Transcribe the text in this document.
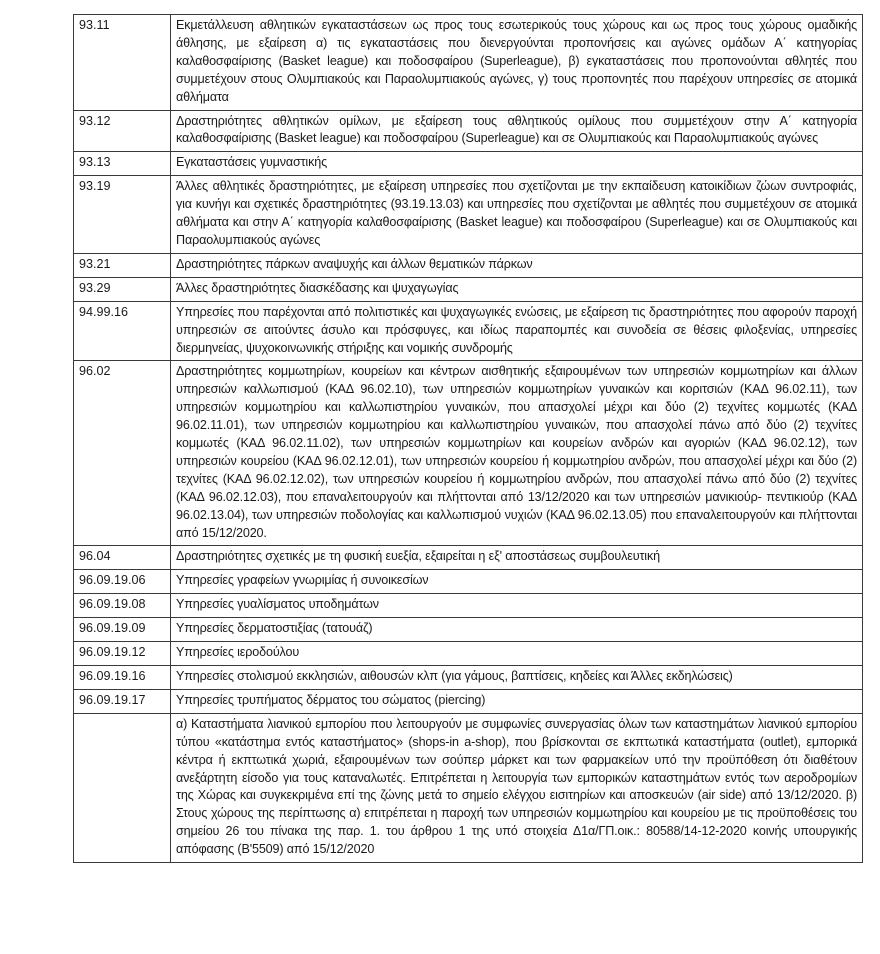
93.11	Εκμετάλλευση αθλητικών εγκαταστάσεων ως προς τους εσωτερικούς τους χώρους και ως προς τους χώρους ομαδικής άθλησης, με εξαίρεση α) τις εγκαταστάσεις που διενεργούνται προπονήσεις και αγώνες ομάδων Α΄ κατηγορίας καλαθοσφαίρισης (Basket league) και ποδοσφαίρου (Superleague), β) εγκαταστάσεις που προπονούνται αθλητές που συμμετέχουν στους Ολυμπιακούς και Παραολυμπιακούς αγώνες, γ) τους προπονητές που παρέχουν υπηρεσίες σε ατομικά αθλήματα
93.12	Δραστηριότητες αθλητικών ομίλων, με εξαίρεση τους αθλητικούς ομίλους που συμμετέχουν στην Α΄ κατηγορία καλαθοσφαίρισης (Basket league) και ποδοσφαίρου (Superleague) και σε Ολυμπιακούς και Παραολυμπιακούς αγώνες
93.13	Εγκαταστάσεις γυμναστικής
93.19	Άλλες αθλητικές δραστηριότητες, με εξαίρεση υπηρεσίες που σχετίζονται με την εκπαίδευση κατοικίδιων ζώων συντροφιάς, για κυνήγι και σχετικές δραστηριότητες (93.19.13.03) και υπηρεσίες που σχετίζονται με αθλητές που συμμετέχουν σε ατομικά αθλήματα και στην Α΄ κατηγορία καλαθοσφαίρισης (Basket league) και ποδοσφαίρου (Superleague) και σε Ολυμπιακούς και Παραολυμπιακούς αγώνες
93.21	Δραστηριότητες πάρκων αναψυχής και άλλων θεματικών πάρκων
93.29	Άλλες δραστηριότητες διασκέδασης και ψυχαγωγίας
94.99.16	Υπηρεσίες που παρέχονται από πολιτιστικές και ψυχαγωγικές ενώσεις, με εξαίρεση τις δραστηριότητες που αφορούν παροχή υπηρεσιών σε αιτούντες άσυλο και πρόσφυγες, και ιδίως παραπομπές και συνοδεία σε θέσεις φιλοξενίας, υπηρεσίες διερμηνείας, ψυχοκοινωνικής στήριξης και νομικής συνδρομής
96.02	Δραστηριότητες κομμωτηρίων, κουρείων και κέντρων αισθητικής εξαιρουμένων των υπηρεσιών κομμωτηρίων και άλλων υπηρεσιών καλλωπισμού (ΚΑΔ 96.02.10), των υπηρεσιών κομμωτηρίων γυναικών και κοριτσιών (ΚΑΔ 96.02.11), των υπηρεσιών κομμωτηρίου και καλλωπιστηρίου γυναικών, που απασχολεί μέχρι και δύο (2) τεχνίτες κομμωτές (ΚΑΔ 96.02.11.01), των υπηρεσιών κομμωτηρίου και καλλωπιστηρίου γυναικών, που απασχολεί πάνω από δύο (2) τεχνίτες κομμωτές (ΚΑΔ 96.02.11.02), των υπηρεσιών κομμωτηρίων και κουρείων ανδρών και αγοριών (ΚΑΔ 96.02.12), των υπηρεσιών κουρείου (ΚΑΔ 96.02.12.01), των υπηρεσιών κουρείου ή κομμωτηρίου ανδρών, που απασχολεί μέχρι και δύο (2) τεχνίτες (ΚΑΔ 96.02.12.02), των υπηρεσιών κουρείου ή κομμωτηρίου ανδρών, που απασχολεί πάνω από δύο (2) τεχνίτες (ΚΑΔ 96.02.12.03), που επαναλειτουργούν και πλήττονται από 13/12/2020 και των υπηρεσιών μανικιούρ- πεντικιούρ (ΚΑΔ 96.02.13.04), των υπηρεσιών ποδολογίας και καλλωπισμού νυχιών (ΚΑΔ 96.02.13.05) που επαναλειτουργούν και πλήττονται από 15/12/2020.
96.04	Δραστηριότητες σχετικές με τη φυσική ευεξία, εξαιρείται η εξ' αποστάσεως συμβουλευτική
96.09.19.06	Υπηρεσίες γραφείων γνωριμίας ή συνοικεσίων
96.09.19.08	Υπηρεσίες γυαλίσματος υποδημάτων
96.09.19.09	Υπηρεσίες δερματοστιξίας (τατουάζ)
96.09.19.12	Υπηρεσίες ιεροδούλου
96.09.19.16	Υπηρεσίες στολισμού εκκλησιών, αιθουσών κλπ (για γάμους, βαπτίσεις, κηδείες και Άλλες εκδηλώσεις)
96.09.19.17	Υπηρεσίες τρυπήματος δέρματος του σώματος (piercing)
	α) Καταστήματα λιανικού εμπορίου που λειτουργούν με συμφωνίες συνεργασίας όλων των καταστημάτων λιανικού εμπορίου τύπου «κατάστημα εντός καταστήματος» (shops-in a-shop), που βρίσκονται σε εκπτωτικά καταστήματα (outlet), εμπορικά κέντρα ή εκπτωτικά χωριά, εξαιρουμένων των σούπερ μάρκετ και των φαρμακείων υπό την προϋπόθεση ότι διαθέτουν ανεξάρτητη είσοδο για τους καταναλωτές. Επιτρέπεται η λειτουργία των εμπορικών καταστημάτων εντός των αεροδρομίων της Χώρας και συγκεκριμένα επί της ζώνης μετά το σημείο ελέγχου εισιτηρίων και αποσκευών (air side) από 13/12/2020. β) Στους χώρους της περίπτωσης α) επιτρέπεται η παροχή των υπηρεσιών κομμωτηρίου και κουρείου με τις προϋποθέσεις του σημείου 26 του πίνακα της παρ. 1. του άρθρου 1 της υπό στοιχεία Δ1α/ΓΠ.οικ.: 80588/14-12-2020 κοινής υπουργικής απόφασης (Β'5509) από 15/12/2020
